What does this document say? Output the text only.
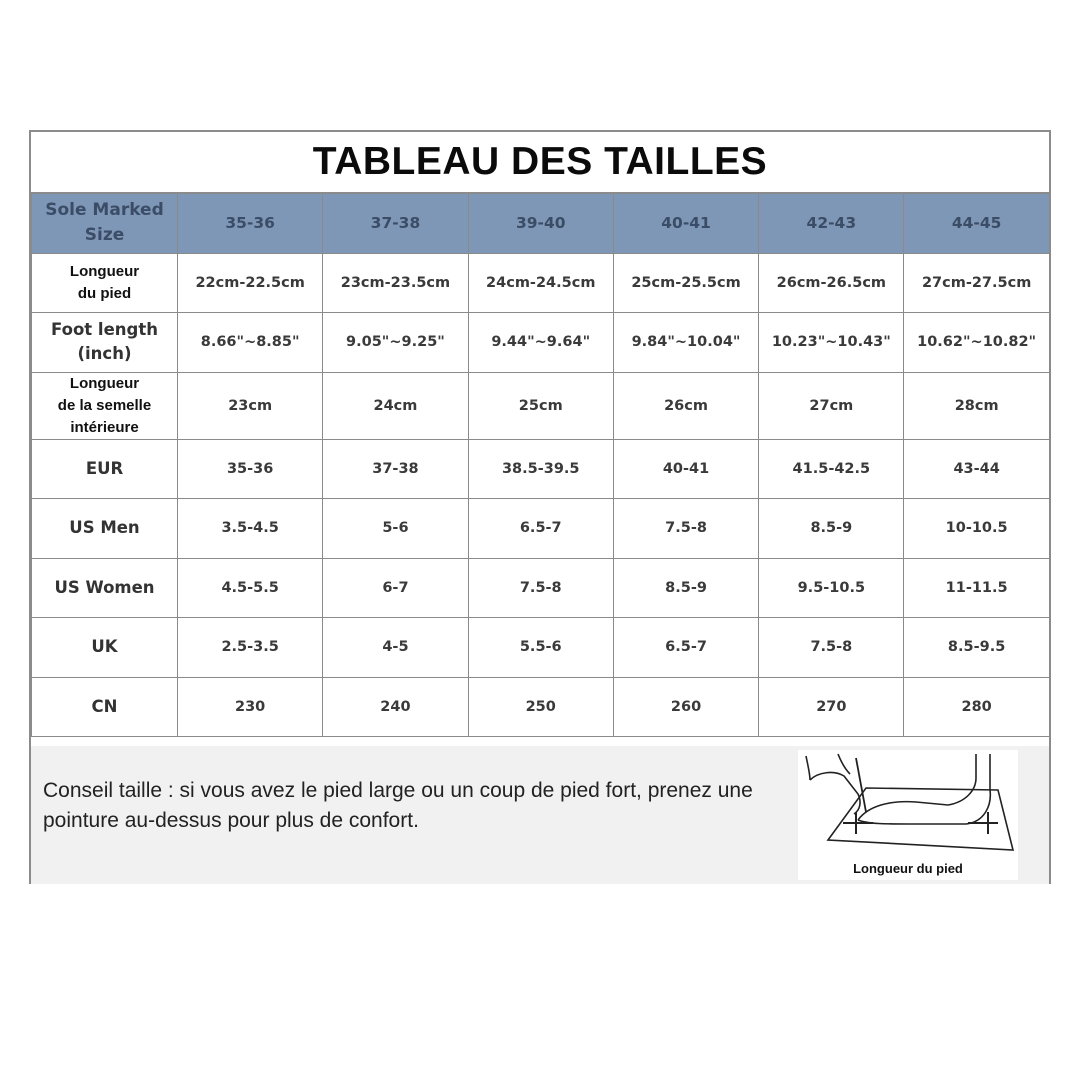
TABLEAU DES TAILLES
Sole Marked
Size	35-36	37-38	39-40	40-41	42-43	44-45
Longueur
du pied	22cm-22.5cm	23cm-23.5cm	24cm-24.5cm	25cm-25.5cm	26cm-26.5cm	27cm-27.5cm
Foot length
(inch)	8.66"~8.85"	9.05"~9.25"	9.44"~9.64"	9.84"~10.04"	10.23"~10.43"	10.62"~10.82"
Longueur
de la semelle
intérieure	23cm	24cm	25cm	26cm	27cm	28cm
EUR	35-36	37-38	38.5-39.5	40-41	41.5-42.5	43-44
US Men	3.5-4.5	5-6	6.5-7	7.5-8	8.5-9	10-10.5
US Women	4.5-5.5	6-7	7.5-8	8.5-9	9.5-10.5	11-11.5
UK	2.5-3.5	4-5	5.5-6	6.5-7	7.5-8	8.5-9.5
CN	230	240	250	260	270	280
Conseil taille : si vous avez le pied large ou un coup de pied fort, prenez une pointure au-dessus pour plus de confort.
Longueur du pied
